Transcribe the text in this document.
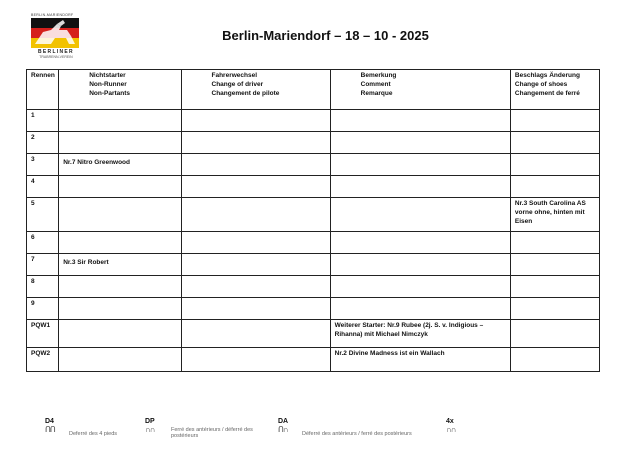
BERLIN-MARIENDORF
BERLINER
TRABRENN-VEREIN
Berlin-Mariendorf – 18 – 10 - 2025
Rennen	Nichtstarter
Non-Runner
Non-Partants	Fahrerwechsel
Change of driver
Changement de pilote	Bemerkung
Comment
Remarque	Beschlags Änderung
Change of shoes
Changement de ferré

1				
2				
3	Nr.7 Nitro Greenwood			
4				
5				Nr.3 South Carolina AS vorne ohne, hinten mit Eisen
6				
7	Nr.3 Sir Robert			
8				
9				
PQW1			Weiterer Starter: Nr.9 Rubee (2j. S. v. Indigious – Rihanna) mit Michael Nimczyk	
PQW2			Nr.2 Divine Madness ist ein Wallach	
D4
ꓵꓵ	Deferré des 4 pieds
DP
∩∩	Ferré des antérieurs / déferré des postérieurs
DA
ꓵ∩	Déferré des antérieurs / ferré des postérieurs
4x
∩∩
